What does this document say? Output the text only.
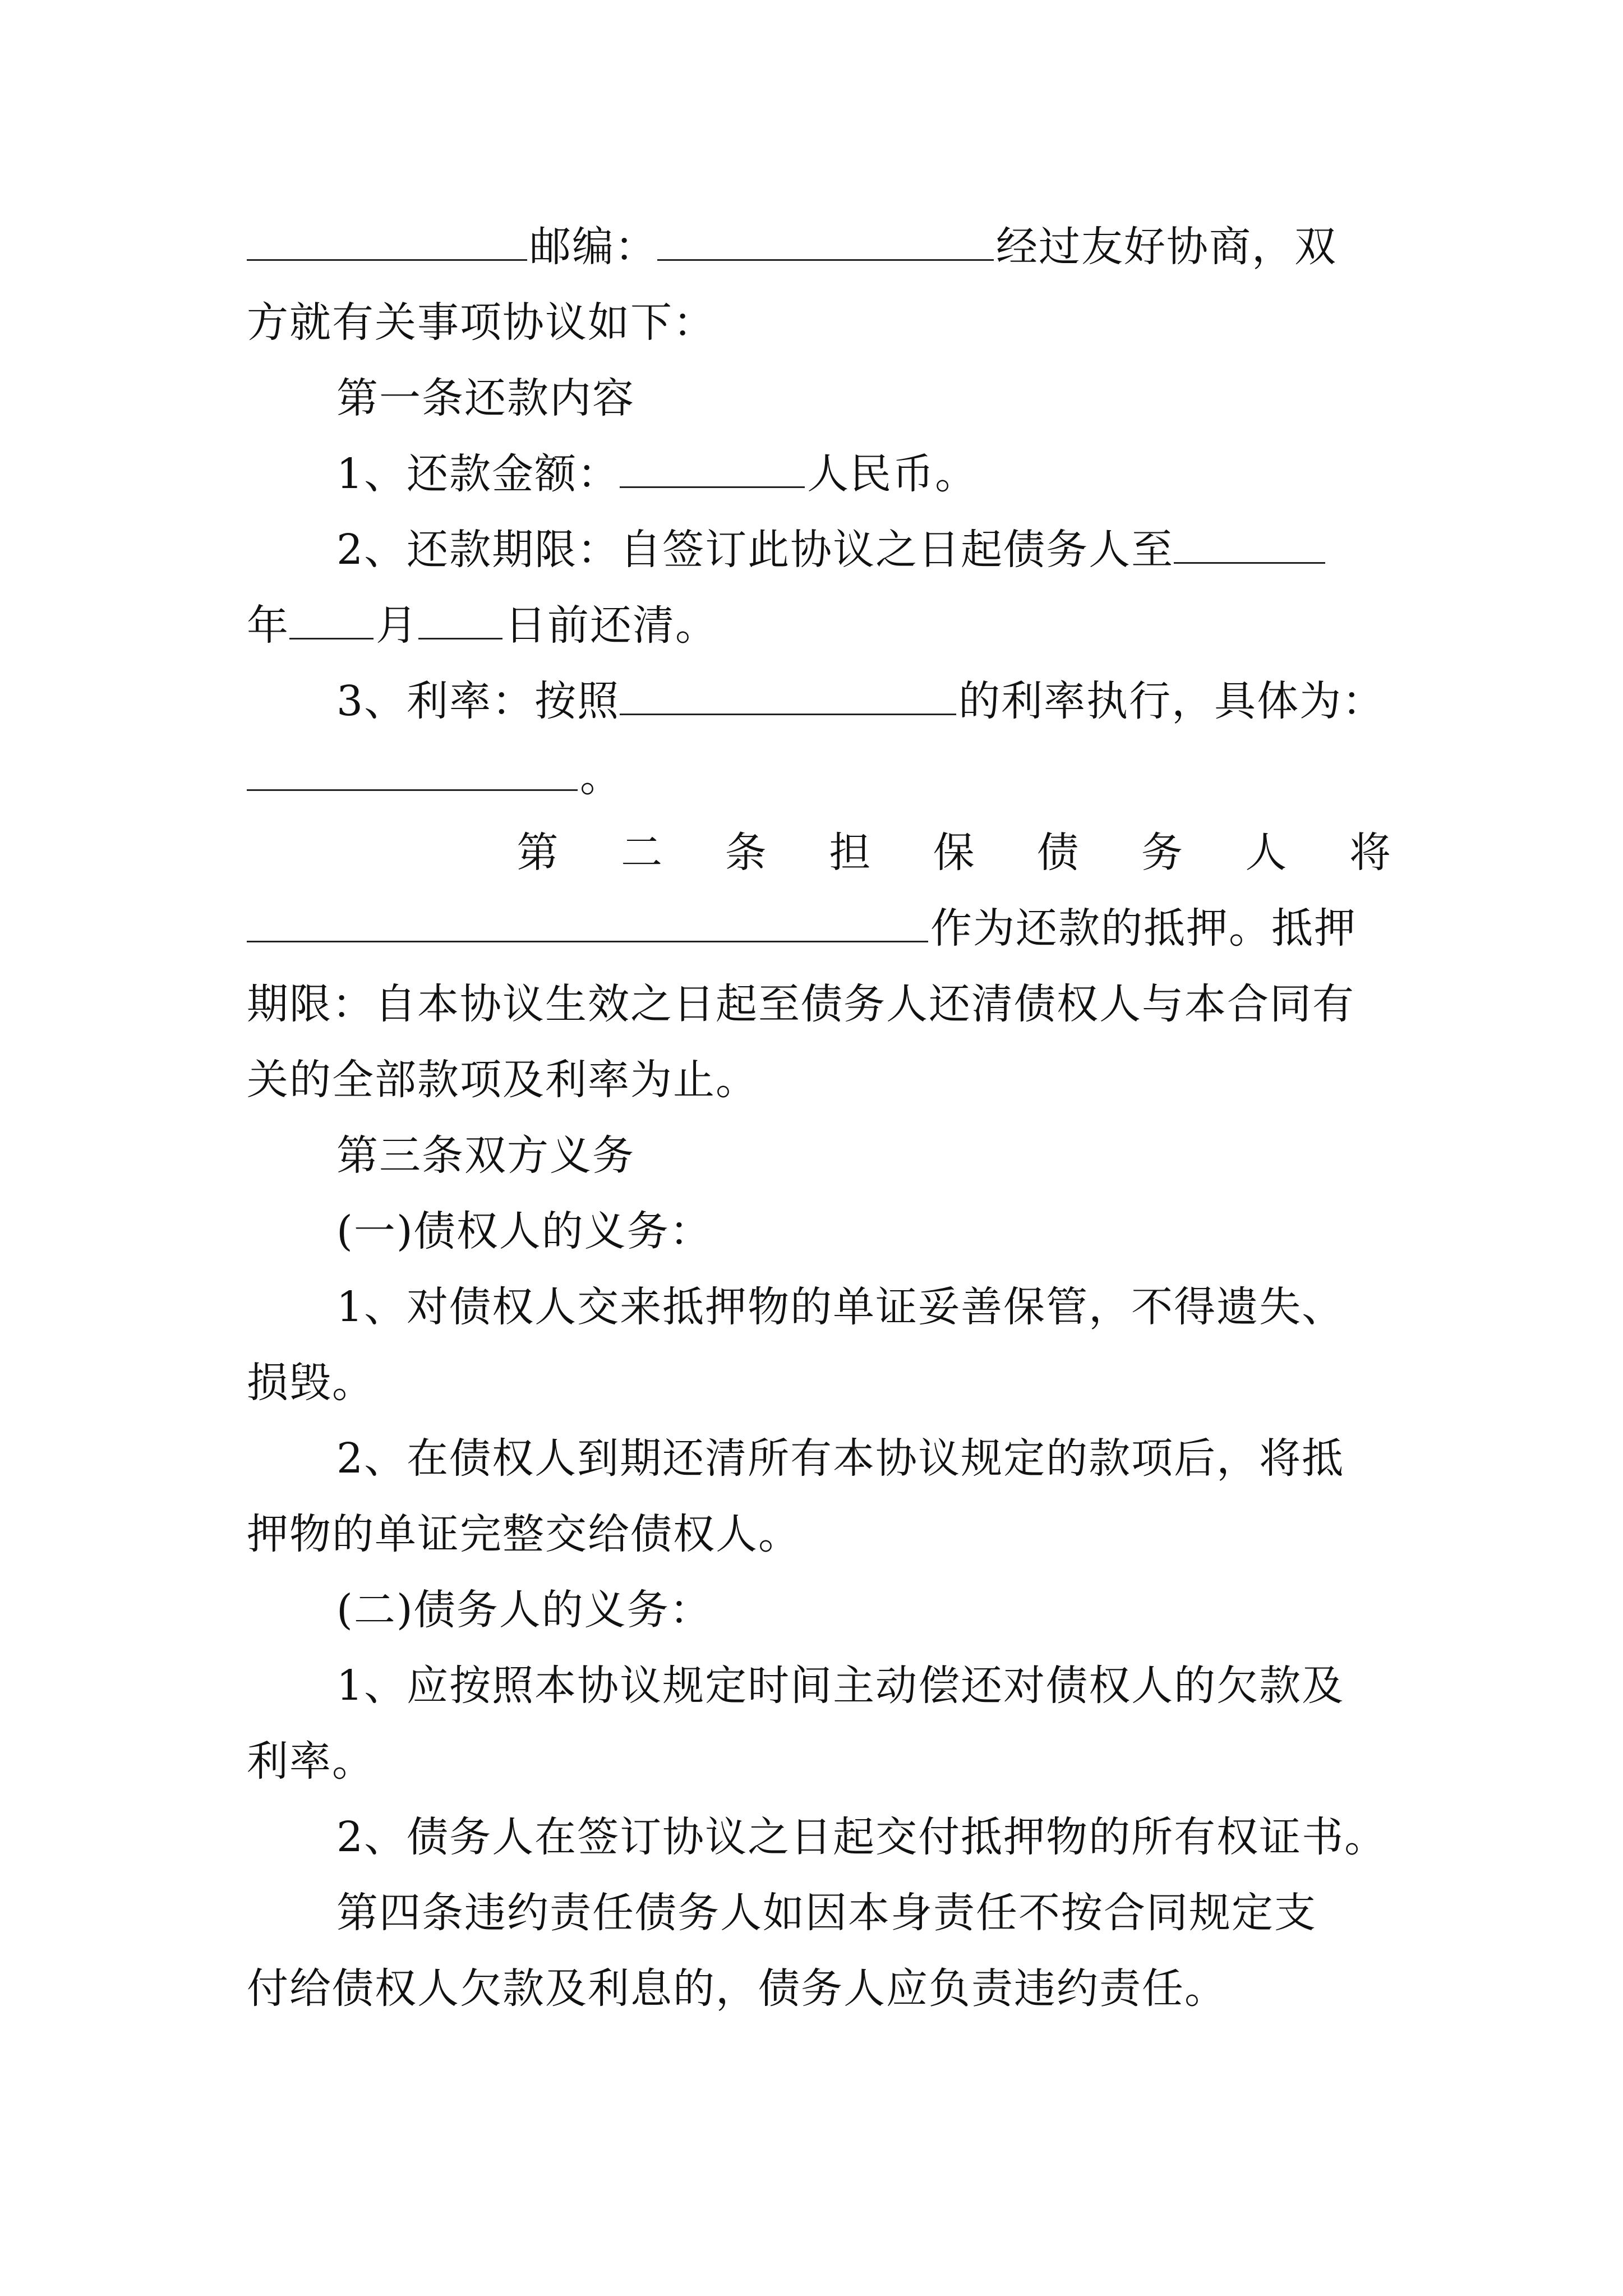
邮编：	经过友好协商，双
方就有关事项协议如下：
第一条还款内容
1、还款金额：	人民币。
2、还款期限：自签订此协议之日起债务人至
年 月 日前还清。
3、利率：按照	的利率执行，具体为：
。
第 二 条 担 保 债 务 人 将
作为还款的抵押。抵押
期限：自本协议生效之日起至债务人还清债权人与本合同有
关的全部款项及利率为止。
第三条双方义务
(一)债权人的义务：
1、对债权人交来抵押物的单证妥善保管，不得遗失、
损毁。
2、在债权人到期还清所有本协议规定的款项后，将抵
押物的单证完整交给债权人。
(二)债务人的义务：
1、应按照本协议规定时间主动偿还对债权人的欠款及
利率。
2、债务人在签订协议之日起交付抵押物的所有权证书。
第四条违约责任债务人如因本身责任不按合同规定支
付给债权人欠款及利息的，债务人应负责违约责任。
